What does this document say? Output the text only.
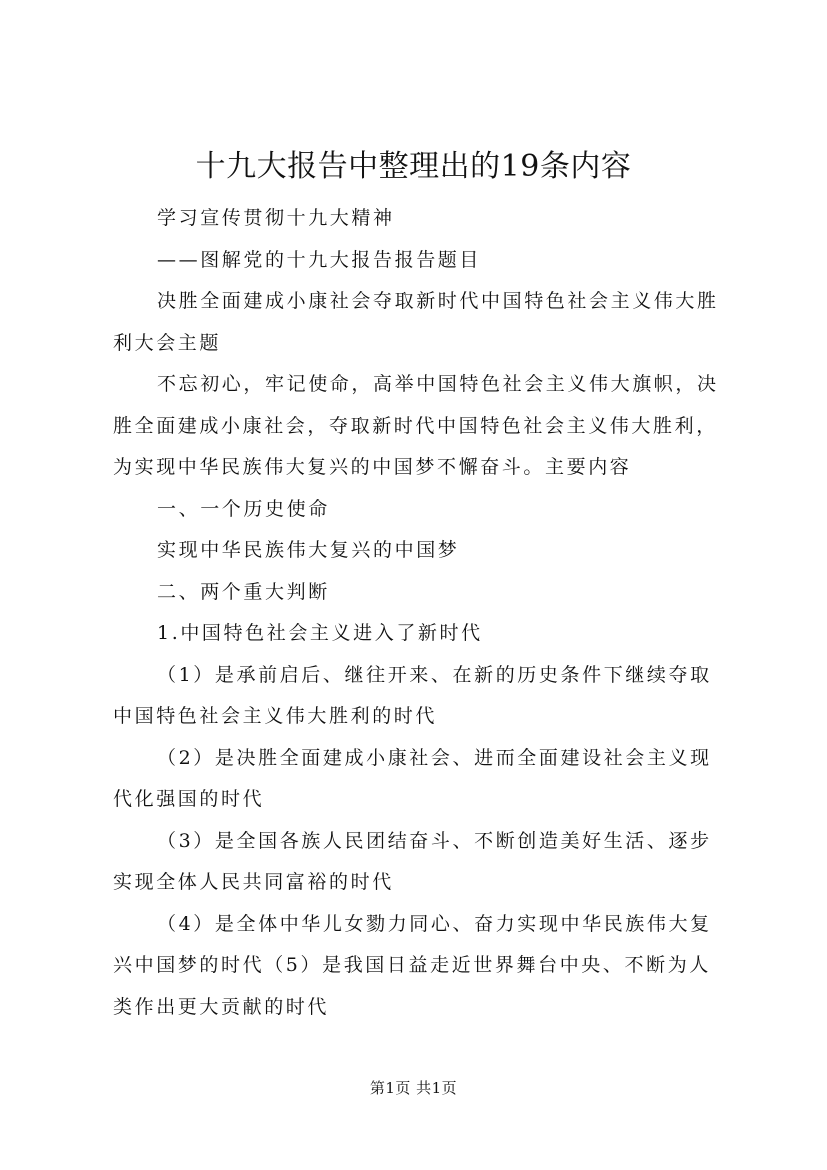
十九大报告中整理出的19条内容

学习宣传贯彻十九大精神

——图解党的十九大报告报告题目

决胜全面建成小康社会夺取新时代中国特色社会主义伟大胜利大会主题

不忘初心，牢记使命，高举中国特色社会主义伟大旗帜，决胜全面建成小康社会，夺取新时代中国特色社会主义伟大胜利，为实现中华民族伟大复兴的中国梦不懈奋斗。主要内容

一、一个历史使命

实现中华民族伟大复兴的中国梦

二、两个重大判断

1.中国特色社会主义进入了新时代

（1）是承前启后、继往开来、在新的历史条件下继续夺取中国特色社会主义伟大胜利的时代

（2）是决胜全面建成小康社会、进而全面建设社会主义现代化强国的时代

（3）是全国各族人民团结奋斗、不断创造美好生活、逐步实现全体人民共同富裕的时代

（4）是全体中华儿女勠力同心、奋力实现中华民族伟大复兴中国梦的时代（5）是我国日益走近世界舞台中央、不断为人类作出更大贡献的时代

第1页 共1页
